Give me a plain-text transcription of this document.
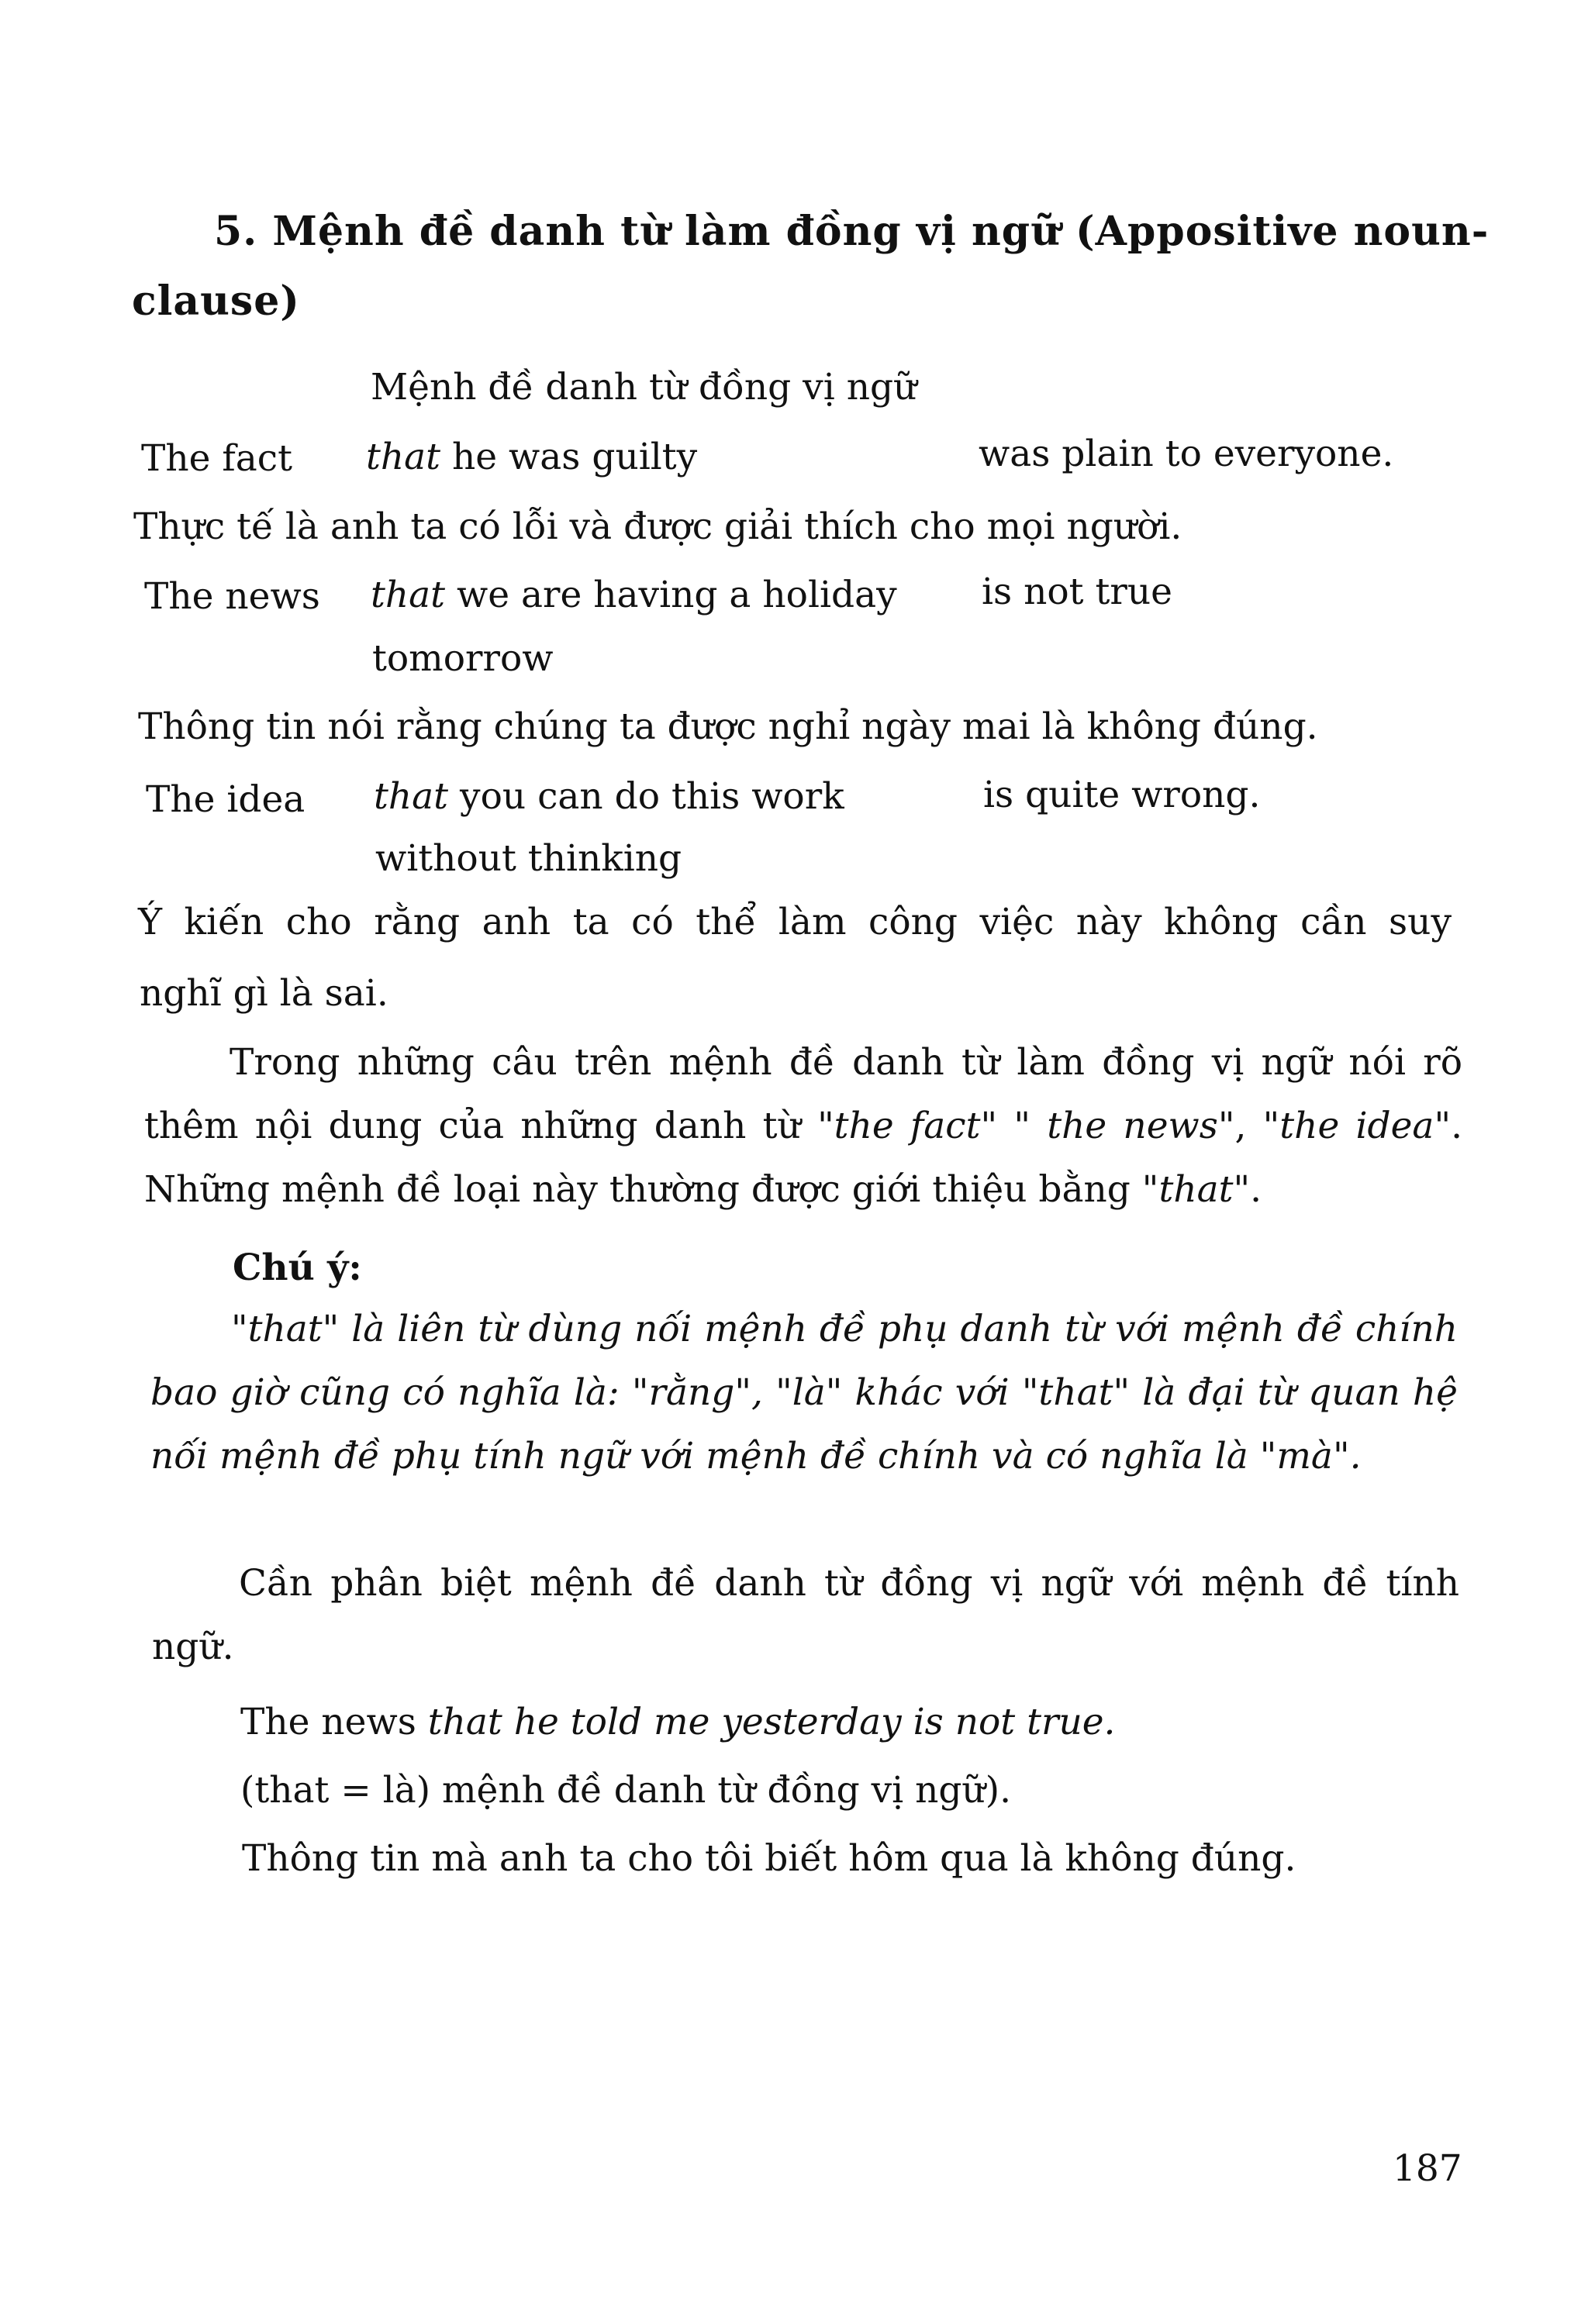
5. Mệnh đề danh từ làm đồng vị ngữ (Appositive noun-
clause)
Mệnh đề danh từ đồng vị ngữ
The fact that he was guilty	was plain to everyone.
Thực tế là anh ta có lỗi và được giải thích cho mọi người.
The news that we are having a holiday is not true
tomorrow
Thông tin nói rằng chúng ta được nghỉ ngày mai là không đúng.
The idea that you can do this work	is quite wrong.
without thinking
Ý kiến cho rằng anh ta có thể làm công việc này không cần suy
nghĩ gì là sai.
Trong những câu trên mệnh đề danh từ làm đồng vị ngữ nói rõ thêm nội dung của những danh từ "the fact" " the news", "the idea". Những mệnh đề loại này thường được giới thiệu bằng "that".
Chú ý:
"that" là liên từ dùng nối mệnh đề phụ danh từ với mệnh đề chính bao giờ cũng có nghĩa là: "rằng", "là" khác với "that" là đại từ quan hệ nối mệnh đề phụ tính ngữ với mệnh đề chính và có nghĩa là "mà".
Cần phân biệt mệnh đề danh từ đồng vị ngữ với mệnh đề tính ngữ.
The news that he told me yesterday is not true.
(that = là) mệnh đề danh từ đồng vị ngữ).
Thông tin mà anh ta cho tôi biết hôm qua là không đúng.
187
